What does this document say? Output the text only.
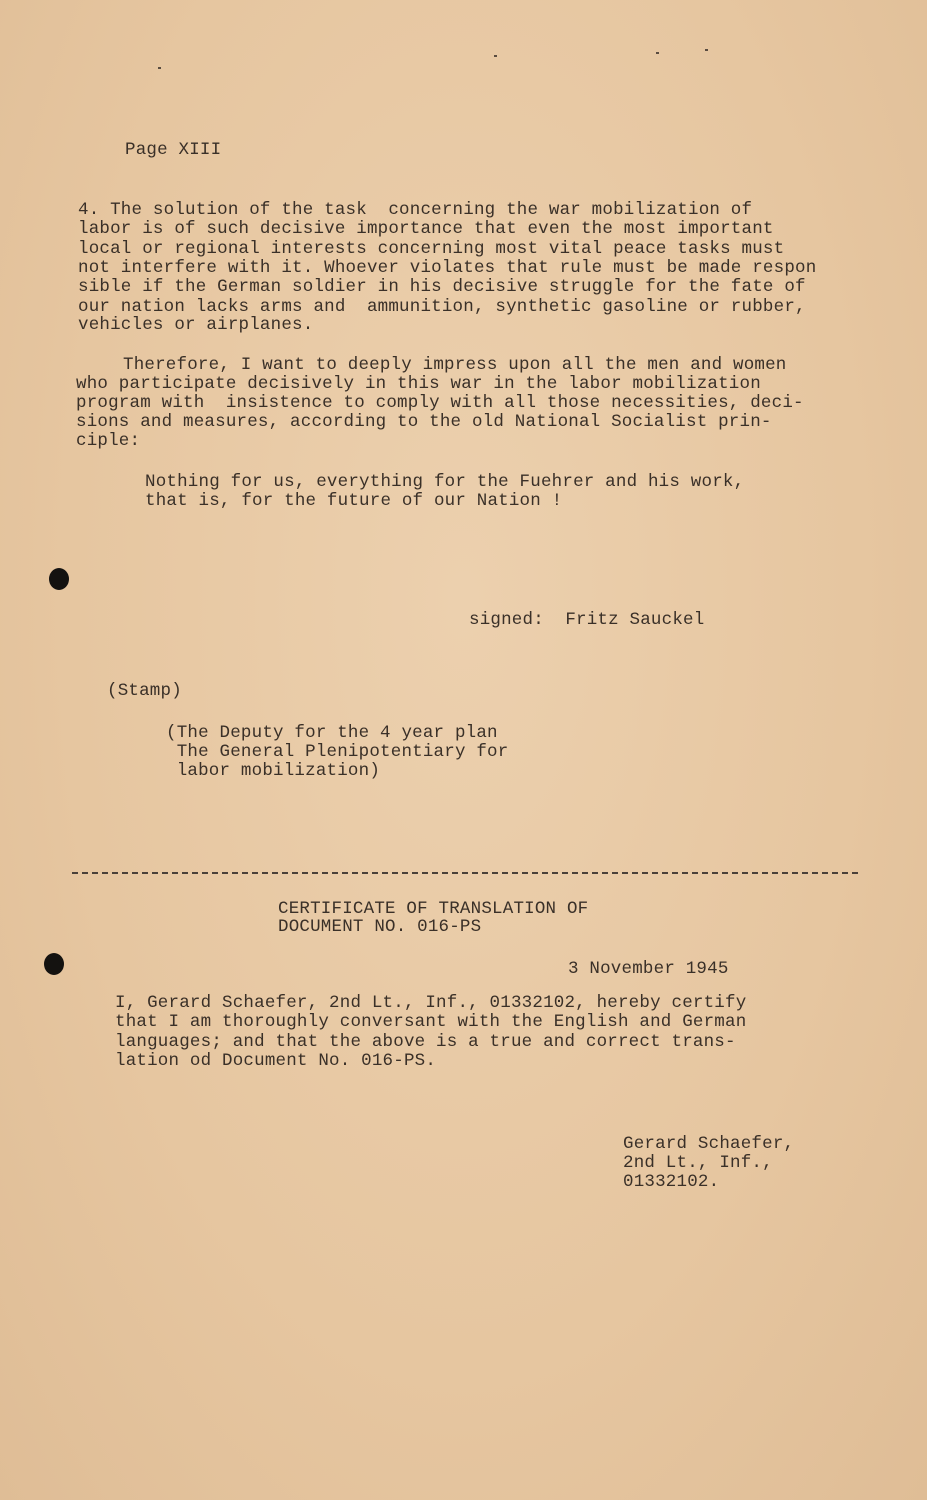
Page XIII
4. The solution of the task  concerning the war mobilization of
labor is of such decisive importance that even the most important
local or regional interests concerning most vital peace tasks must
not interfere with it. Whoever violates that rule must be made respon
sible if the German soldier in his decisive struggle for the fate of
our nation lacks arms and  ammunition, synthetic gasoline or rubber,
vehicles or airplanes.
Therefore, I want to deeply impress upon all the men and women
who participate decisively in this war in the labor mobilization
program with  insistence to comply with all those necessities, deci-
sions and measures, according to the old National Socialist prin-
ciple:
Nothing for us, everything for the Fuehrer and his work,
that is, for the future of our Nation !
signed:  Fritz Sauckel
(Stamp)
(The Deputy for the 4 year plan
The General Plenipotentiary for
labor mobilization)
CERTIFICATE OF TRANSLATION OF
DOCUMENT NO. 016-PS
3 November 1945
I, Gerard Schaefer, 2nd Lt., Inf., 01332102, hereby certify
that I am thoroughly conversant with the English and German
languages; and that the above is a true and correct trans-
lation od Document No. 016-PS.
Gerard Schaefer,
2nd Lt., Inf.,
01332102.
